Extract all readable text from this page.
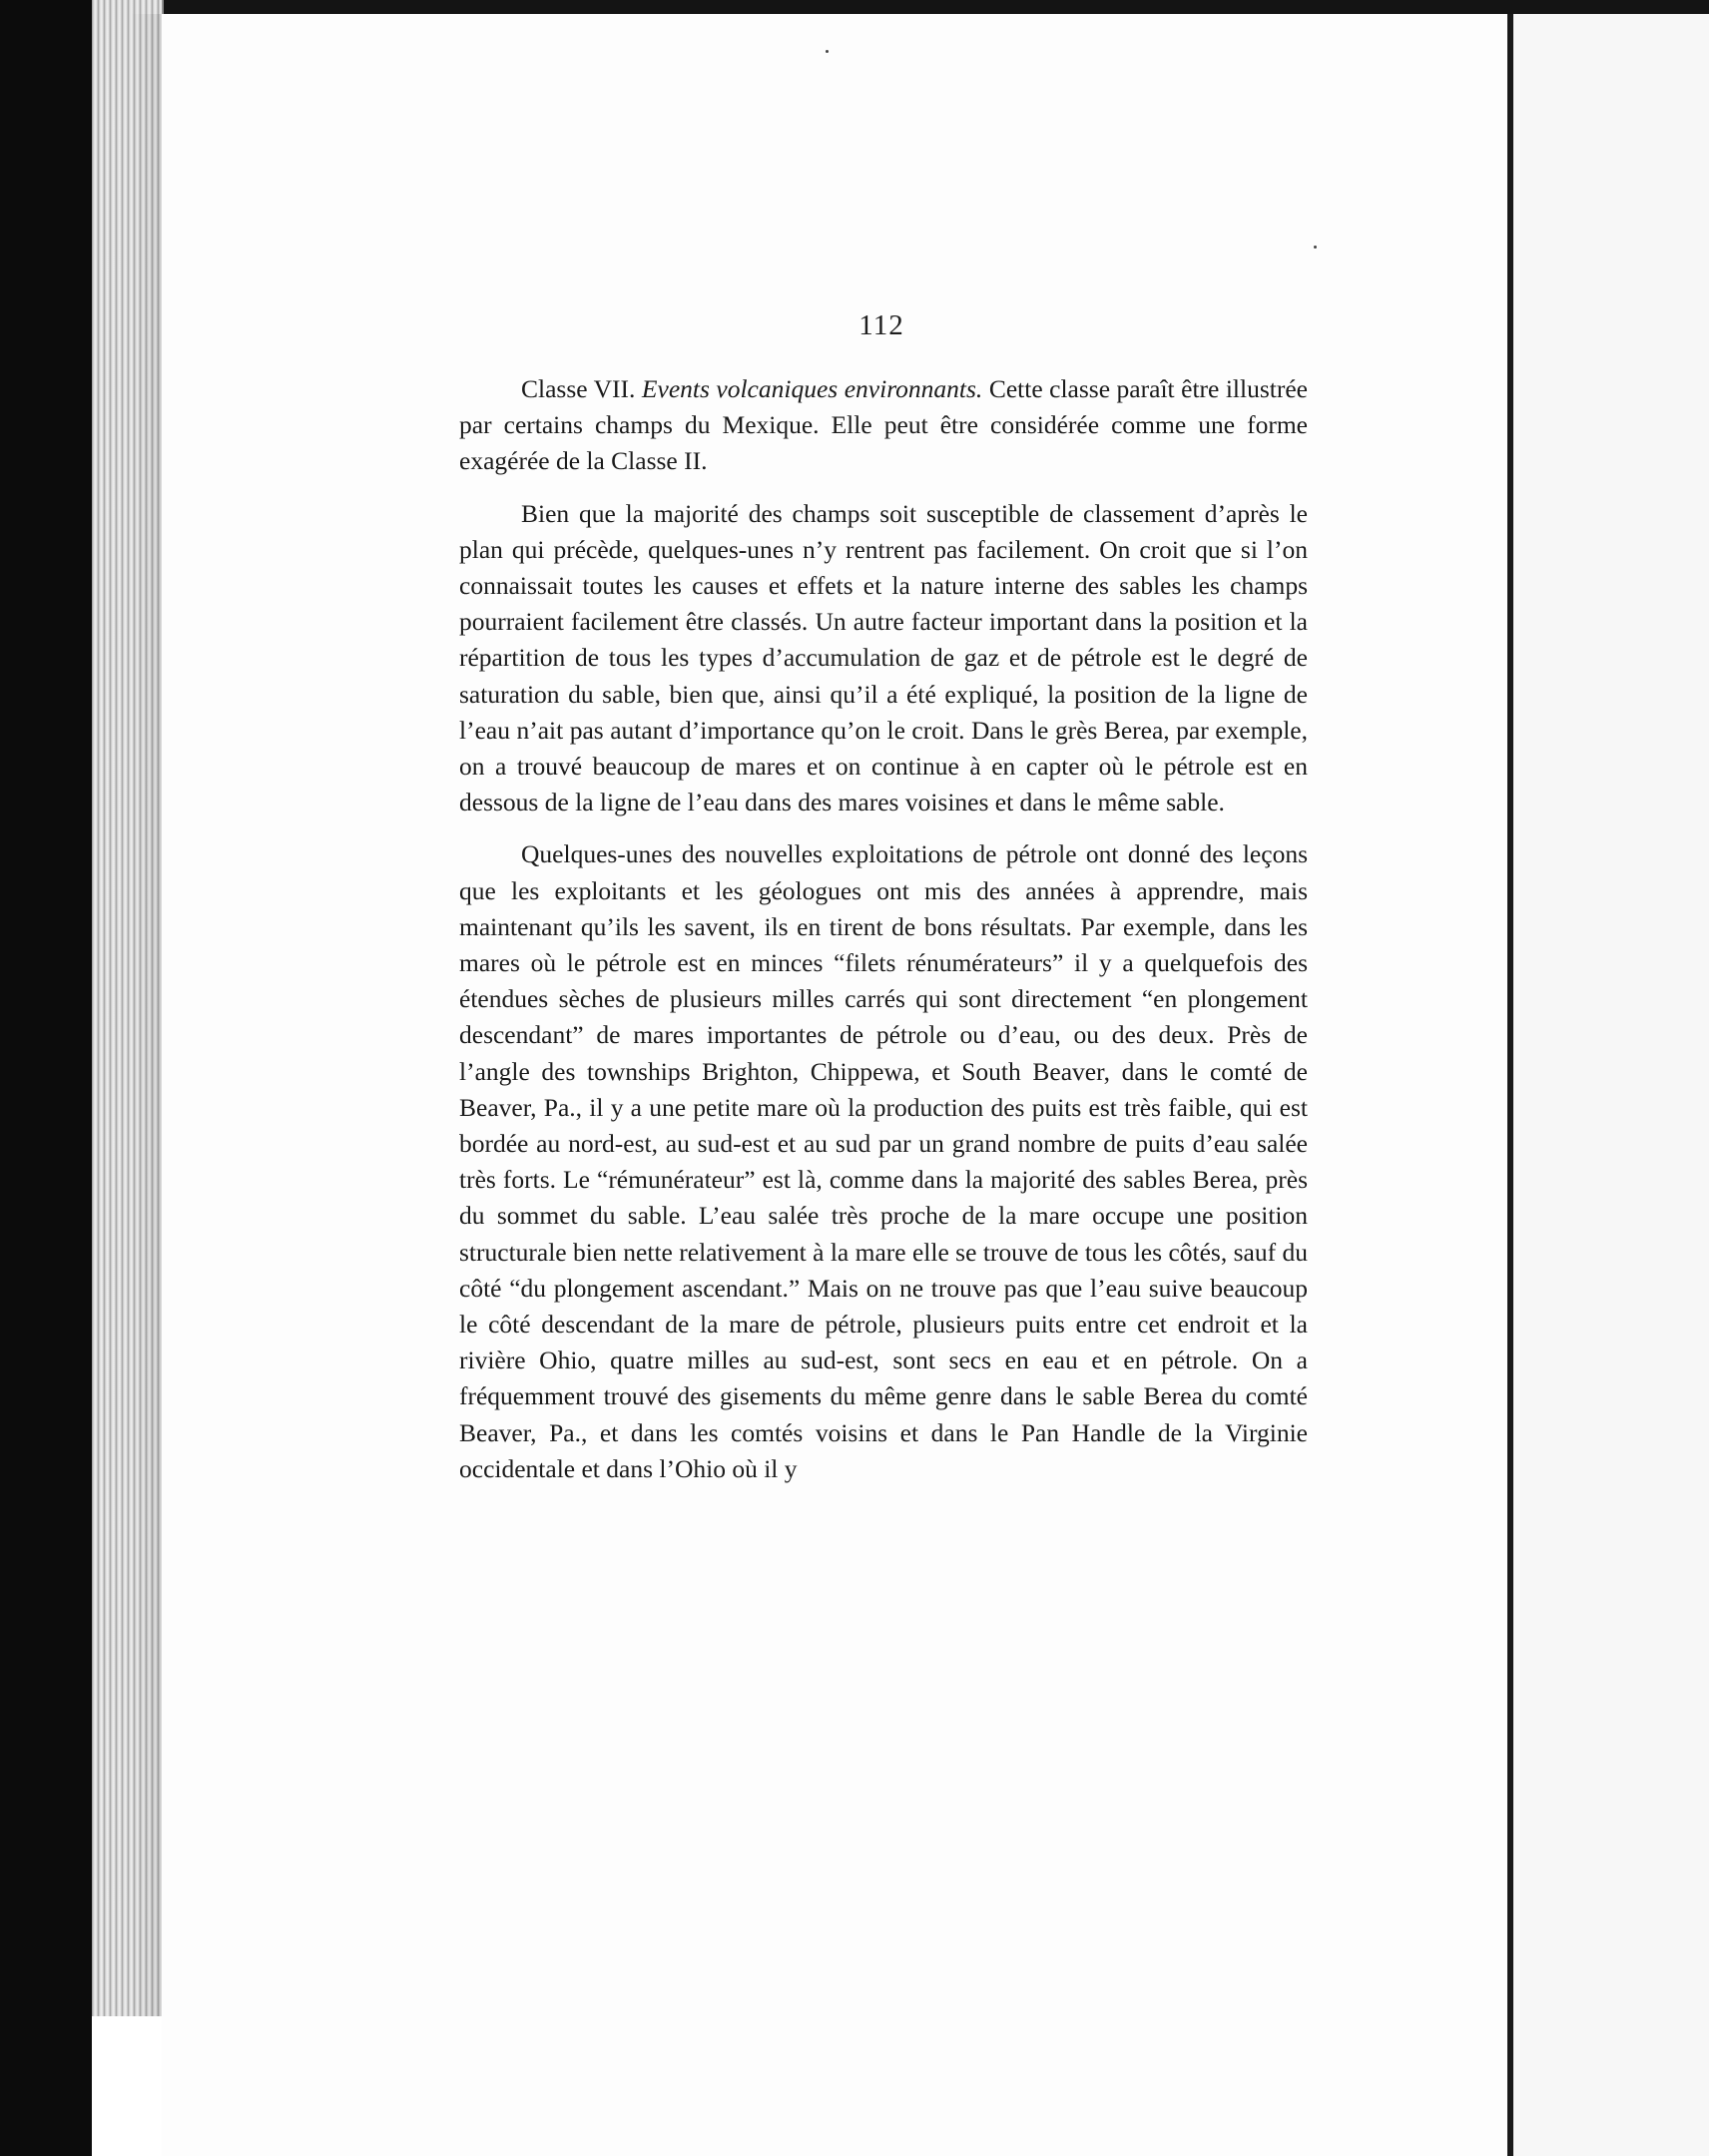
112

Classe VII. Events volcaniques environnants. Cette classe paraît être illustrée par certains champs du Mexique. Elle peut être considérée comme une forme exagérée de la Classe II.

Bien que la majorité des champs soit susceptible de classement d’après le plan qui précède, quelques-unes n’y rentrent pas facilement. On croit que si l’on connaissait toutes les causes et effets et la nature interne des sables les champs pourraient facilement être classés. Un autre facteur important dans la position et la répartition de tous les types d’accumulation de gaz et de pétrole est le degré de saturation du sable, bien que, ainsi qu’il a été expliqué, la position de la ligne de l’eau n’ait pas autant d’importance qu’on le croit. Dans le grès Berea, par exemple, on a trouvé beaucoup de mares et on continue à en capter où le pétrole est en dessous de la ligne de l’eau dans des mares voisines et dans le même sable.

Quelques-unes des nouvelles exploitations de pétrole ont donné des leçons que les exploitants et les géologues ont mis des années à apprendre, mais maintenant qu’ils les savent, ils en tirent de bons résultats. Par exemple, dans les mares où le pétrole est en minces “filets rénumérateurs” il y a quelquefois des étendues sèches de plusieurs milles carrés qui sont directement “en plongement descendant” de mares importantes de pétrole ou d’eau, ou des deux. Près de l’angle des townships Brighton, Chippewa, et South Beaver, dans le comté de Beaver, Pa., il y a une petite mare où la production des puits est très faible, qui est bordée au nord-est, au sud-est et au sud par un grand nombre de puits d’eau salée très forts. Le “rémunérateur” est là, comme dans la majorité des sables Berea, près du sommet du sable. L’eau salée très proche de la mare occupe une position structurale bien nette relativement à la mare elle se trouve de tous les côtés, sauf du côté “du plongement ascendant.” Mais on ne trouve pas que l’eau suive beaucoup le côté descendant de la mare de pétrole, plusieurs puits entre cet endroit et la rivière Ohio, quatre milles au sud-est, sont secs en eau et en pétrole. On a fréquemment trouvé des gisements du même genre dans le sable Berea du comté Beaver, Pa., et dans les comtés voisins et dans le Pan Handle de la Virginie occidentale et dans l’Ohio où il y
